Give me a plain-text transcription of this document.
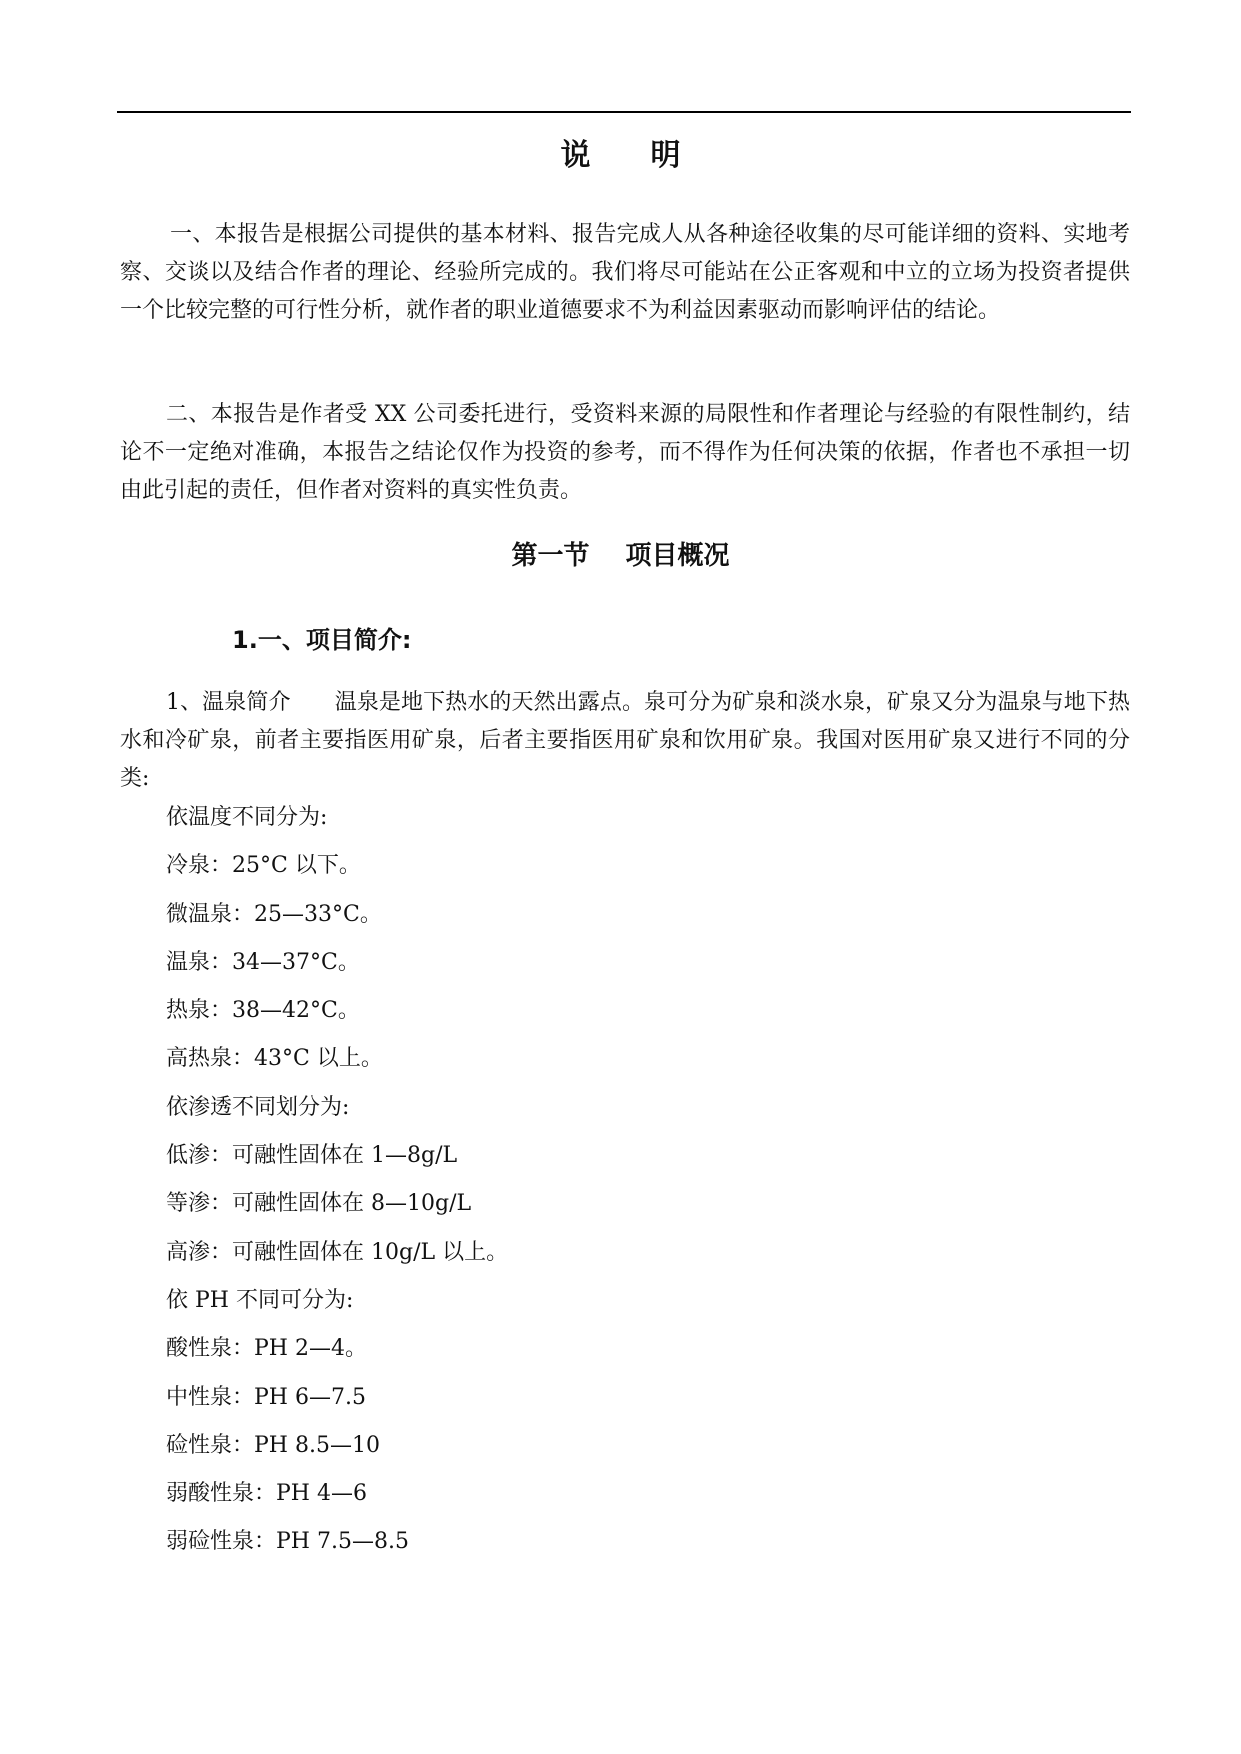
说 明

一、本报告是根据公司提供的基本材料、报告完成人从各种途径收集的尽可能详细的资料、实地考察、交谈以及结合作者的理论、经验所完成的。我们将尽可能站在公正客观和中立的立场为投资者提供一个比较完整的可行性分析，就作者的职业道德要求不为利益因素驱动而影响评估的结论。

二、本报告是作者受 XX 公司委托进行，受资料来源的局限性和作者理论与经验的有限性制约，结论不一定绝对准确，本报告之结论仅作为投资的参考，而不得作为任何决策的依据，作者也不承担一切由此引起的责任，但作者对资料的真实性负责。

第一节 项目概况
1.一、项目简介:

1、温泉简介　　温泉是地下热水的天然出露点。泉可分为矿泉和淡水泉，矿泉又分为温泉与地下热水和冷矿泉，前者主要指医用矿泉，后者主要指医用矿泉和饮用矿泉。我国对医用矿泉又进行不同的分类:

依温度不同分为:
冷泉：25°C 以下。
微温泉：25—33°C。
温泉：34—37°C。
热泉：38—42°C。
高热泉：43°C 以上。
依渗透不同划分为:
低渗：可融性固体在 1—8g/L
等渗：可融性固体在 8—10g/L
高渗：可融性固体在 10g/L 以上。
依 PH 不同可分为:
酸性泉：PH 2—4。
中性泉：PH 6—7.5
硷性泉：PH 8.5—10
弱酸性泉：PH 4—6
弱硷性泉：PH 7.5—8.5
